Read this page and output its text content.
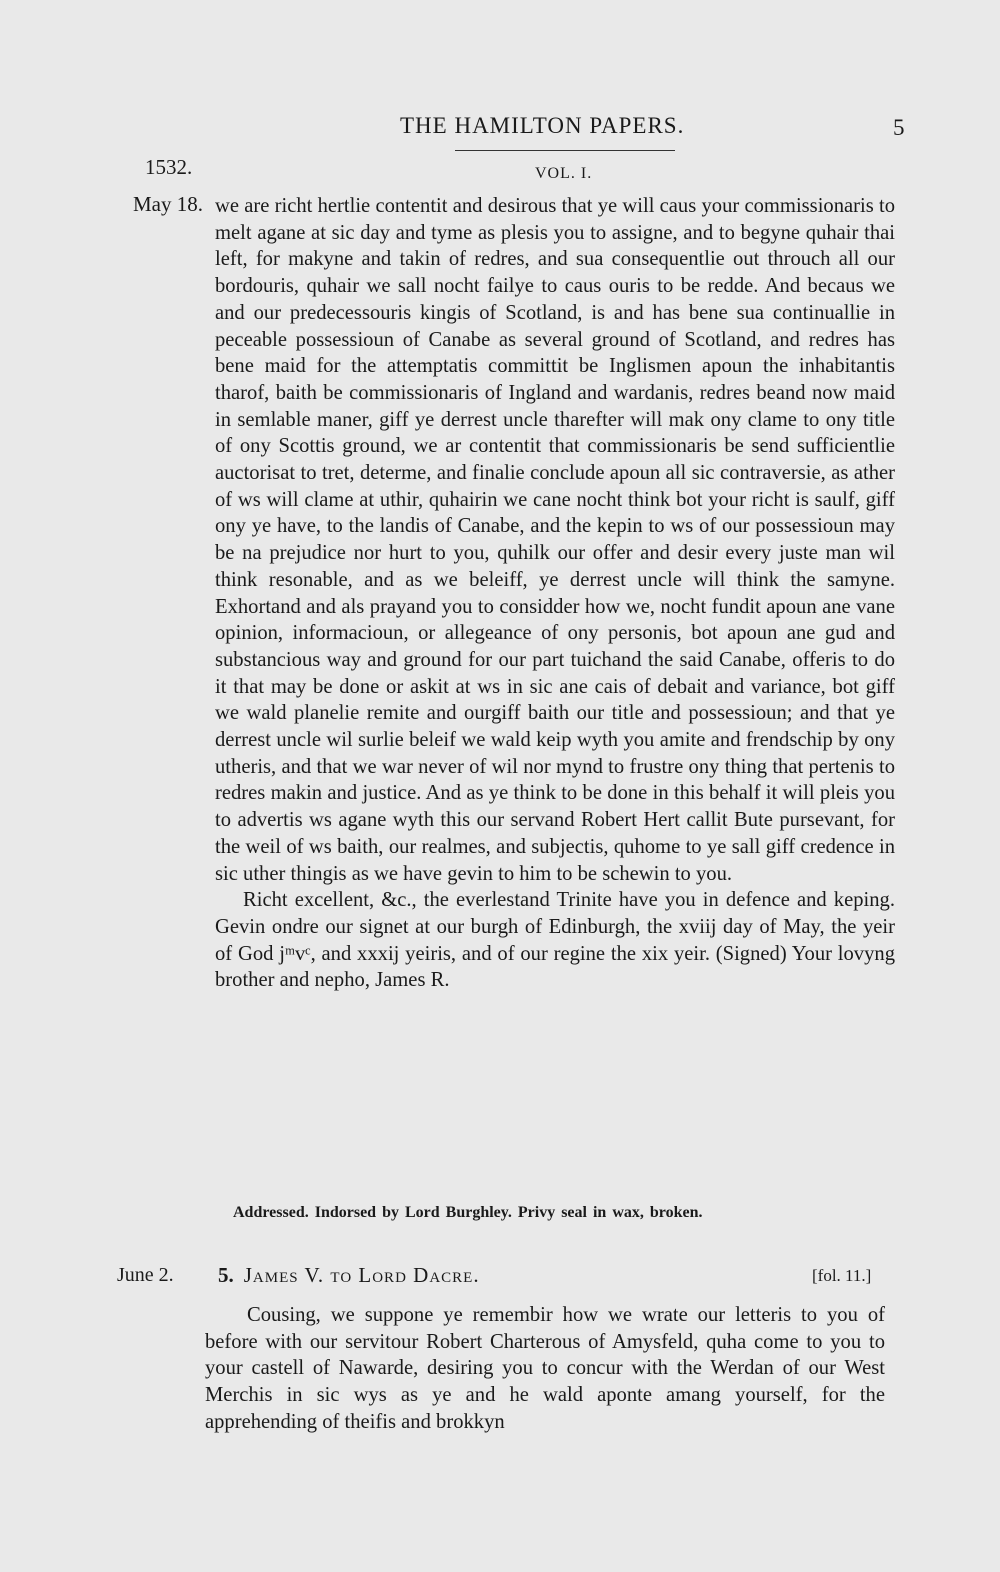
THE HAMILTON PAPERS.	5
1532.	VOL. I.
May 18. we are richt hertlie contentit and desirous that ye will caus your commissionaris to melt agane at sic day and tyme as plesis you to assigne, and to begyne quhair thai left, for makyne and takin of redres, and sua consequentlie out throuch all our bordouris, quhair we sall nocht failye to caus ouris to be redde. And becaus we and our predecessouris kingis of Scotland, is and has bene sua continuallie in peceable possessioun of Canabe as several ground of Scotland, and redres has bene maid for the attemptatis committit be Inglismen apoun the inhabitantis tharof, baith be commissionaris of Ingland and wardanis, redres beand now maid in semlable maner, giff ye derrest uncle tharefter will mak ony clame to ony title of ony Scottis ground, we ar contentit that commissionaris be send sufficientlie auctorisat to tret, determe, and finalie conclude apoun all sic contraversie, as ather of ws will clame at uthir, quhairin we cane nocht think bot your richt is saulf, giff ony ye have, to the landis of Canabe, and the kepin to ws of our possessioun may be na prejudice nor hurt to you, quhilk our offer and desir every juste man wil think resonable, and as we beleiff, ye derrest uncle will think the samyne. Exhortand and als prayand you to considder how we, nocht fundit apoun ane vane opinion, informacioun, or allegeance of ony personis, bot apoun ane gud and substancious way and ground for our part tuichand the said Canabe, offeris to do it that may be done or askit at ws in sic ane cais of debait and variance, bot giff we wald planelie remite and ourgiff baith our title and possessioun; and that ye derrest uncle wil surlie beleif we wald keip wyth you amite and frendschip by ony utheris, and that we war never of wil nor mynd to frustre ony thing that pertenis to redres makin and justice. And as ye think to be done in this behalf it will pleis you to advertis ws agane wyth this our servand Robert Hert callit Bute pursevant, for the weil of ws baith, our realmes, and subjectis, quhome to ye sall giff credence in sic uther thingis as we have gevin to him to be schewin to you.

Richt excellent, &c., the everlestand Trinite have you in defence and keping. Gevin ondre our signet at our burgh of Edinburgh, the xviij day of May, the yeir of God jᵐvᶜ, and xxxij yeiris, and of our regine the xix yeir. (Signed) Your lovyng brother and nepho, James R.

Addressed. Indorsed by Lord Burghley. Privy seal in wax, broken.
June 2. 5. James V. to Lord Dacre.	[fol. 11.]

Cousing, we suppone ye remembir how we wrate our letteris to you of before with our servitour Robert Charterous of Amysfeld, quha come to you to your castell of Nawarde, desiring you to concur with the Werdan of our West Merchis in sic wys as ye and he wald aponte amang yourself, for the apprehending of theifis and brokkyn
